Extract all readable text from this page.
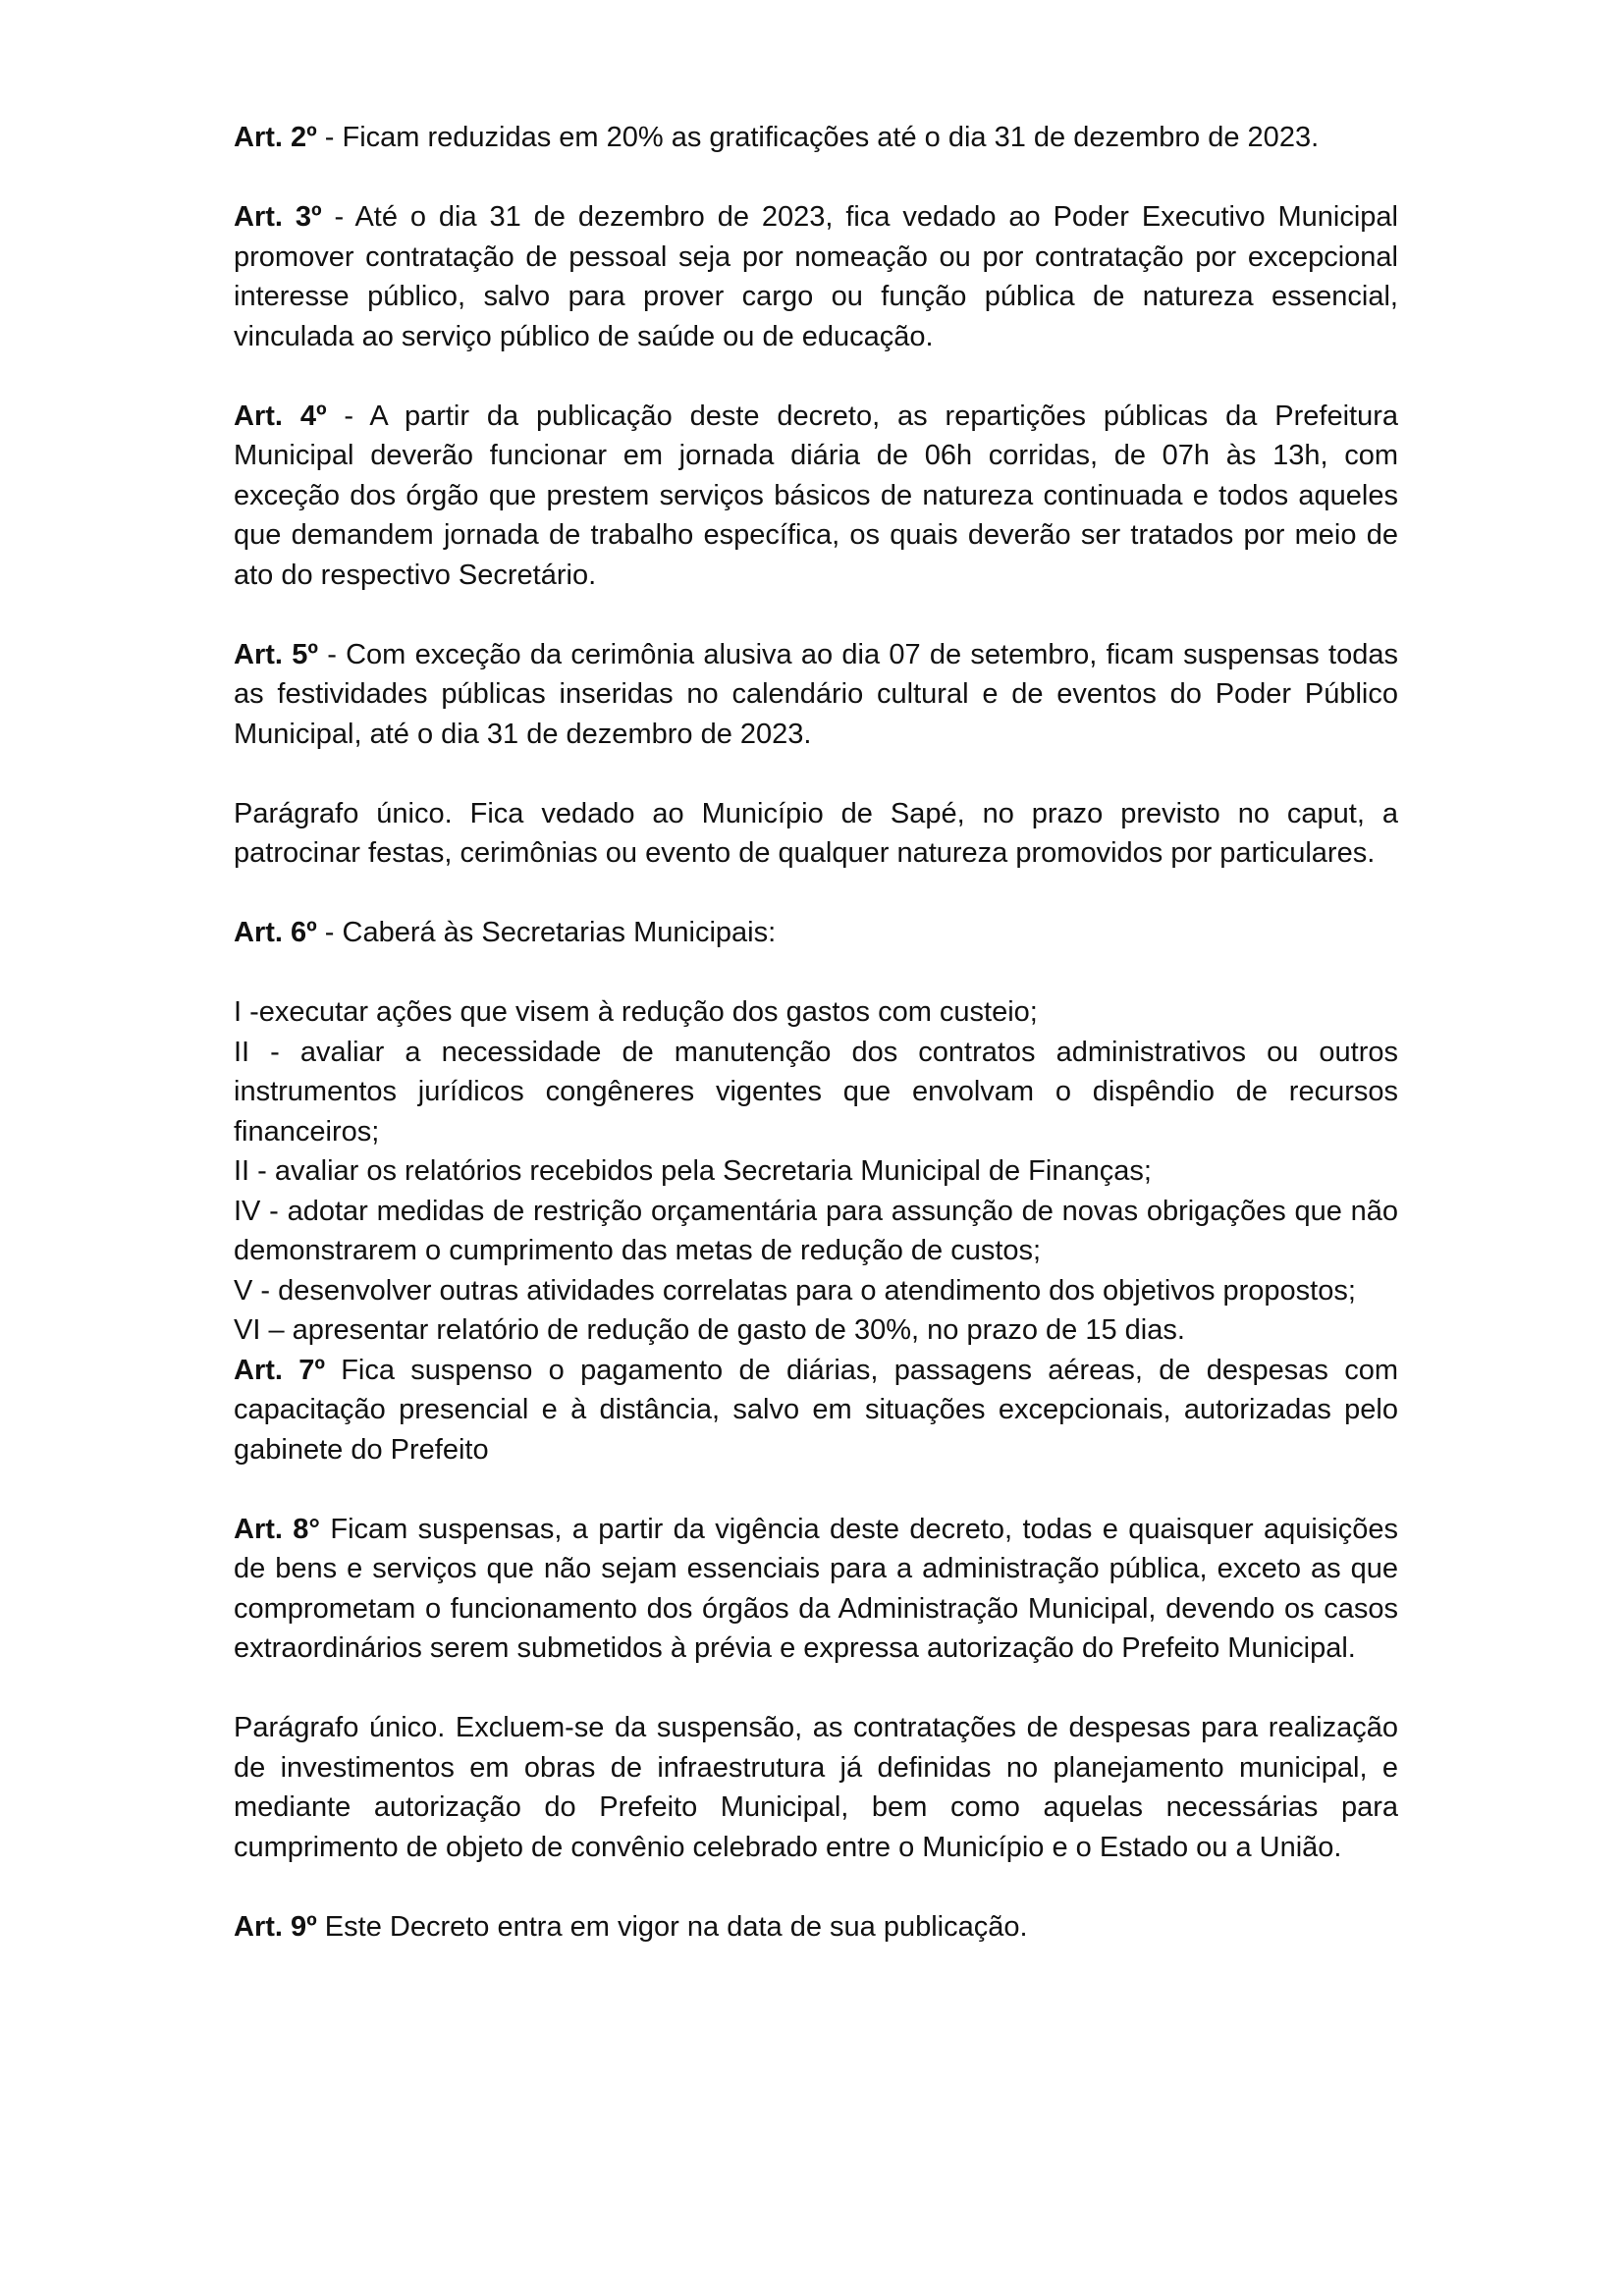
Art. 2º - Ficam reduzidas em 20% as gratificações até o dia 31 de dezembro de 2023.

Art. 3º - Até o dia 31 de dezembro de 2023, fica vedado ao Poder Executivo Municipal promover contratação de pessoal seja por nomeação ou por contratação por excepcional interesse público, salvo para prover cargo ou função pública de natureza essencial, vinculada ao serviço público de saúde ou de educação.

Art. 4º - A partir da publicação deste decreto, as repartições públicas da Prefeitura Municipal deverão funcionar em jornada diária de 06h corridas, de 07h às 13h, com exceção dos órgão que prestem serviços básicos de natureza continuada e todos aqueles que demandem jornada de trabalho específica, os quais deverão ser tratados por meio de ato do respectivo Secretário.

Art. 5º - Com exceção da cerimônia alusiva ao dia 07 de setembro, ficam suspensas todas as festividades públicas inseridas no calendário cultural e de eventos do Poder Público Municipal, até o dia 31 de dezembro de 2023.

Parágrafo único. Fica vedado ao Município de Sapé, no prazo previsto no caput, a patrocinar festas, cerimônias ou evento de qualquer natureza promovidos por particulares.

Art. 6º - Caberá às Secretarias Municipais:

I -executar ações que visem à redução dos gastos com custeio;

II - avaliar a necessidade de manutenção dos contratos administrativos ou outros instrumentos jurídicos congêneres vigentes que envolvam o dispêndio de recursos financeiros;

II - avaliar os relatórios recebidos pela Secretaria Municipal de Finanças;

IV - adotar medidas de restrição orçamentária para assunção de novas obrigações que não demonstrarem o cumprimento das metas de redução de custos;

V - desenvolver outras atividades correlatas para o atendimento dos objetivos propostos;

VI – apresentar relatório de redução de gasto de 30%, no prazo de 15 dias.

Art. 7º Fica suspenso o pagamento de diárias, passagens aéreas, de despesas com capacitação presencial e à distância, salvo em situações excepcionais, autorizadas pelo gabinete do Prefeito

Art. 8° Ficam suspensas, a partir da vigência deste decreto, todas e quaisquer aquisições de bens e serviços que não sejam essenciais para a administração pública, exceto as que comprometam o funcionamento dos órgãos da Administração Municipal, devendo os casos extraordinários serem submetidos à prévia e expressa autorização do Prefeito Municipal.

Parágrafo único. Excluem-se da suspensão, as contratações de despesas para realização de investimentos em obras de infraestrutura já definidas no planejamento municipal, e mediante autorização do Prefeito Municipal, bem como aquelas necessárias para cumprimento de objeto de convênio celebrado entre o Município e o Estado ou a União.

Art. 9º Este Decreto entra em vigor na data de sua publicação.
